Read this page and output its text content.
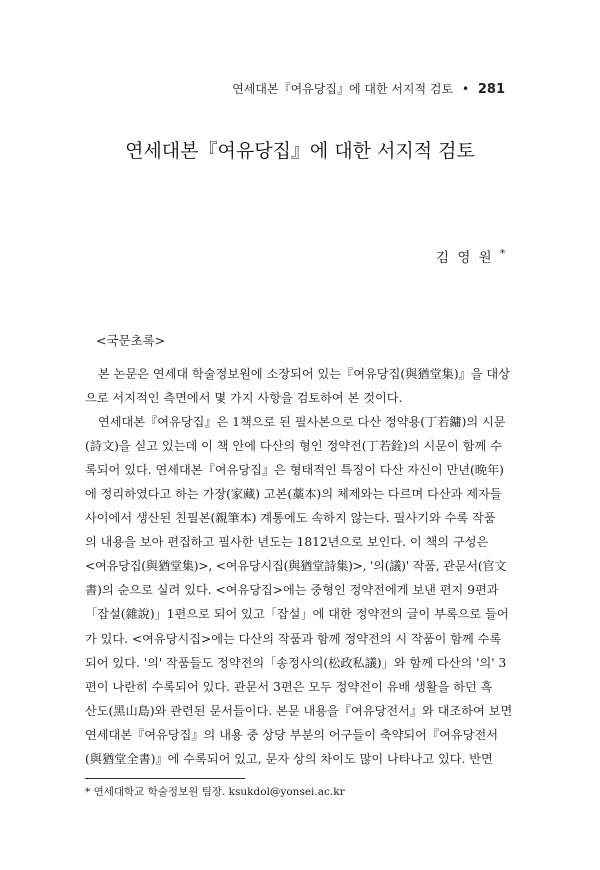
연세대본『여유당집』에 대한 서지적 검토 • 281
연세대본『여유당집』에 대한 서지적 검토
김 영 원 *
<국문초록>
본 논문은 연세대 학술정보원에 소장되어 있는『여유당집(與猶堂集)』을 대상
으로 서지적인 측면에서 몇 가지 사항을 검토하여 본 것이다.
연세대본『여유당집』은 1책으로 된 필사본으로 다산 정약용(丁若鏞)의 시문
(詩文)을 싣고 있는데 이 책 안에 다산의 형인 정약전(丁若銓)의 시문이 함께 수
록되어 있다. 연세대본『여유당집』은 형태적인 특징이 다산 자신이 만년(晩年)
에 정리하였다고 하는 가장(家藏) 고본(藁本)의 체제와는 다르며 다산과 제자들
사이에서 생산된 친필본(親筆本) 계통에도 속하지 않는다. 필사기와 수록 작품
의 내용을 보아 편집하고 필사한 년도는 1812년으로 보인다. 이 책의 구성은
<여유당집(與猶堂集)>, <여유당시집(與猶堂詩集)>, '의(議)' 작품, 관문서(官文
書)의 순으로 실려 있다. <여유당집>에는 중형인 정약전에게 보낸 편지 9편과
「잡설(雜說)」1편으로 되어 있고「잡설」에 대한 정약전의 글이 부록으로 들어
가 있다. <여유당시집>에는 다산의 작품과 함께 정약전의 시 작품이 함께 수록
되어 있다. '의' 작품들도 정약전의「송정사의(松政私議)」와 함께 다산의 '의' 3
편이 나란히 수록되어 있다. 관문서 3편은 모두 정약전이 유배 생활을 하던 흑
산도(黑山島)와 관련된 문서들이다. 본문 내용을『여유당전서』와 대조하여 보면
연세대본『여유당집』의 내용 중 상당 부분의 어구들이 축약되어『여유당전서
(與猶堂全書)』에 수록되어 있고, 문자 상의 차이도 많이 나타나고 있다. 반면
* 연세대학교 학술정보원 팀장. ksukdol@yonsei.ac.kr
